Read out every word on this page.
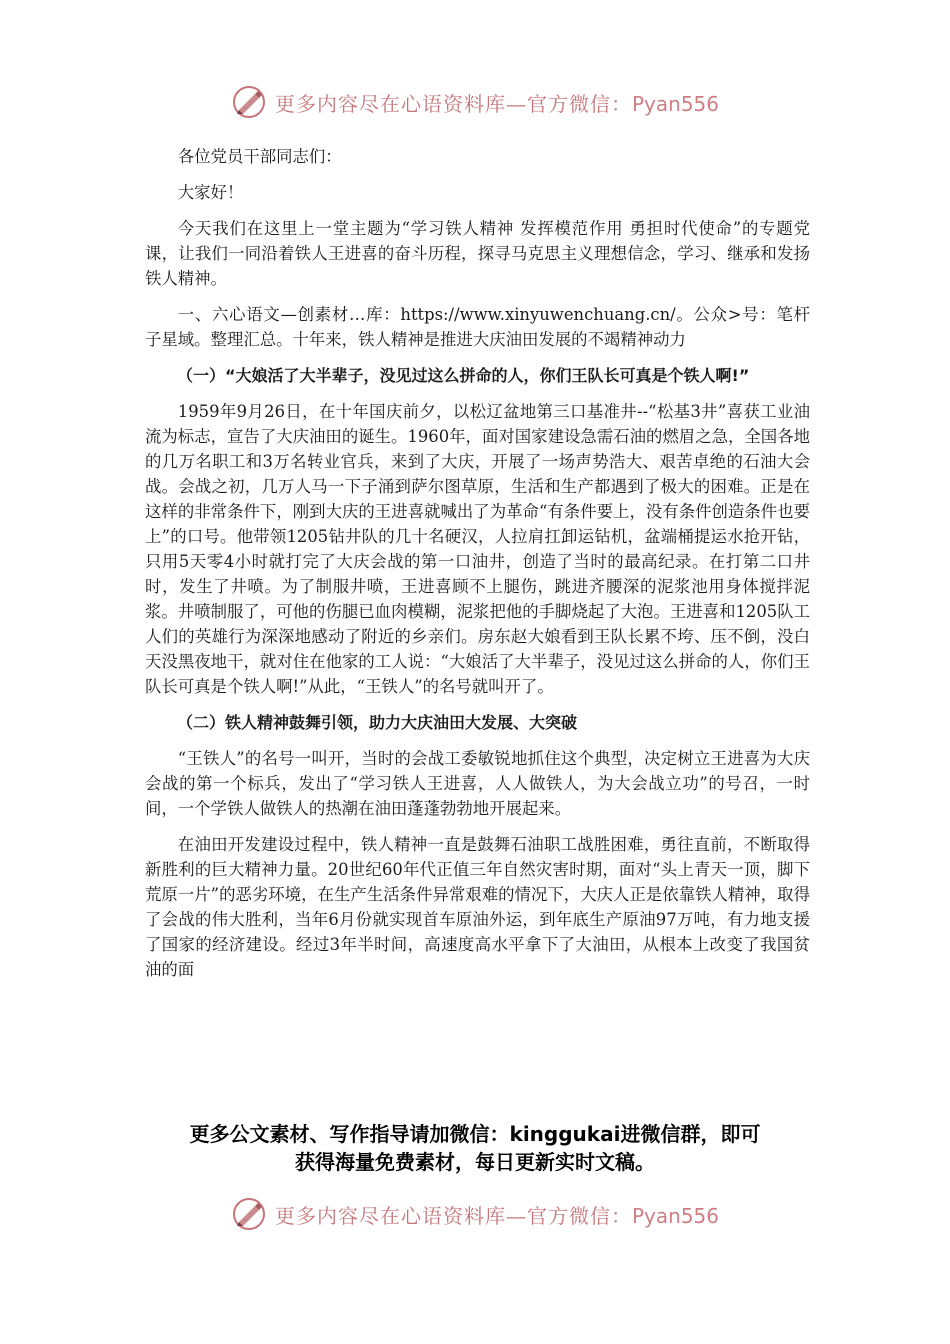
更多内容尽在心语资料库—官方微信：Pyan556

各位党员干部同志们：

大家好！

今天我们在这里上一堂主题为“学习铁人精神 发挥模范作用 勇担时代使命”的专题党课，让我们一同沿着铁人王进喜的奋斗历程，探寻马克思主义理想信念，学习、继承和发扬铁人精神。

一、六心语文—创素材…库：https://www.xinyuwenchuang.cn/。公众>号：笔杆子星域。整理汇总。十年来，铁人精神是推进大庆油田发展的不竭精神动力

（一）“大娘活了大半辈子，没见过这么拼命的人，你们王队长可真是个铁人啊!”

1959年9月26日，在十年国庆前夕，以松辽盆地第三口基准井--“松基3井”喜获工业油流为标志，宣告了大庆油田的诞生。1960年，面对国家建设急需石油的燃眉之急，全国各地的几万名职工和3万名转业官兵，来到了大庆，开展了一场声势浩大、艰苦卓绝的石油大会战。会战之初，几万人马一下子涌到萨尔图草原，生活和生产都遇到了极大的困难。正是在这样的非常条件下，刚到大庆的王进喜就喊出了为革命“有条件要上，没有条件创造条件也要上”的口号。他带领1205钻井队的几十名硬汉，人拉肩扛卸运钻机，盆端桶提运水抢开钻，只用5天零4小时就打完了大庆会战的第一口油井，创造了当时的最高纪录。在打第二口井时，发生了井喷。为了制服井喷，王进喜顾不上腿伤，跳进齐腰深的泥浆池用身体搅拌泥浆。井喷制服了，可他的伤腿已血肉模糊，泥浆把他的手脚烧起了大泡。王进喜和1205队工人们的英雄行为深深地感动了附近的乡亲们。房东赵大娘看到王队长累不垮、压不倒，没白天没黑夜地干，就对住在他家的工人说：“大娘活了大半辈子，没见过这么拼命的人，你们王队长可真是个铁人啊!”从此，“王铁人”的名号就叫开了。

（二）铁人精神鼓舞引领，助力大庆油田大发展、大突破

“王铁人”的名号一叫开，当时的会战工委敏锐地抓住这个典型，决定树立王进喜为大庆会战的第一个标兵，发出了“学习铁人王进喜，人人做铁人，为大会战立功”的号召，一时间，一个学铁人做铁人的热潮在油田蓬蓬勃勃地开展起来。

在油田开发建设过程中，铁人精神一直是鼓舞石油职工战胜困难，勇往直前，不断取得新胜利的巨大精神力量。20世纪60年代正值三年自然灾害时期，面对“头上青天一顶，脚下荒原一片”的恶劣环境，在生产生活条件异常艰难的情况下，大庆人正是依靠铁人精神，取得了会战的伟大胜利，当年6月份就实现首车原油外运，到年底生产原油97万吨，有力地支援了国家的经济建设。经过3年半时间，高速度高水平拿下了大油田，从根本上改变了我国贫油的面

更多公文素材、写作指导请加微信：kinggukai进微信群，即可
获得海量免费素材，每日更新实时文稿。
更多内容尽在心语资料库—官方微信：Pyan556
